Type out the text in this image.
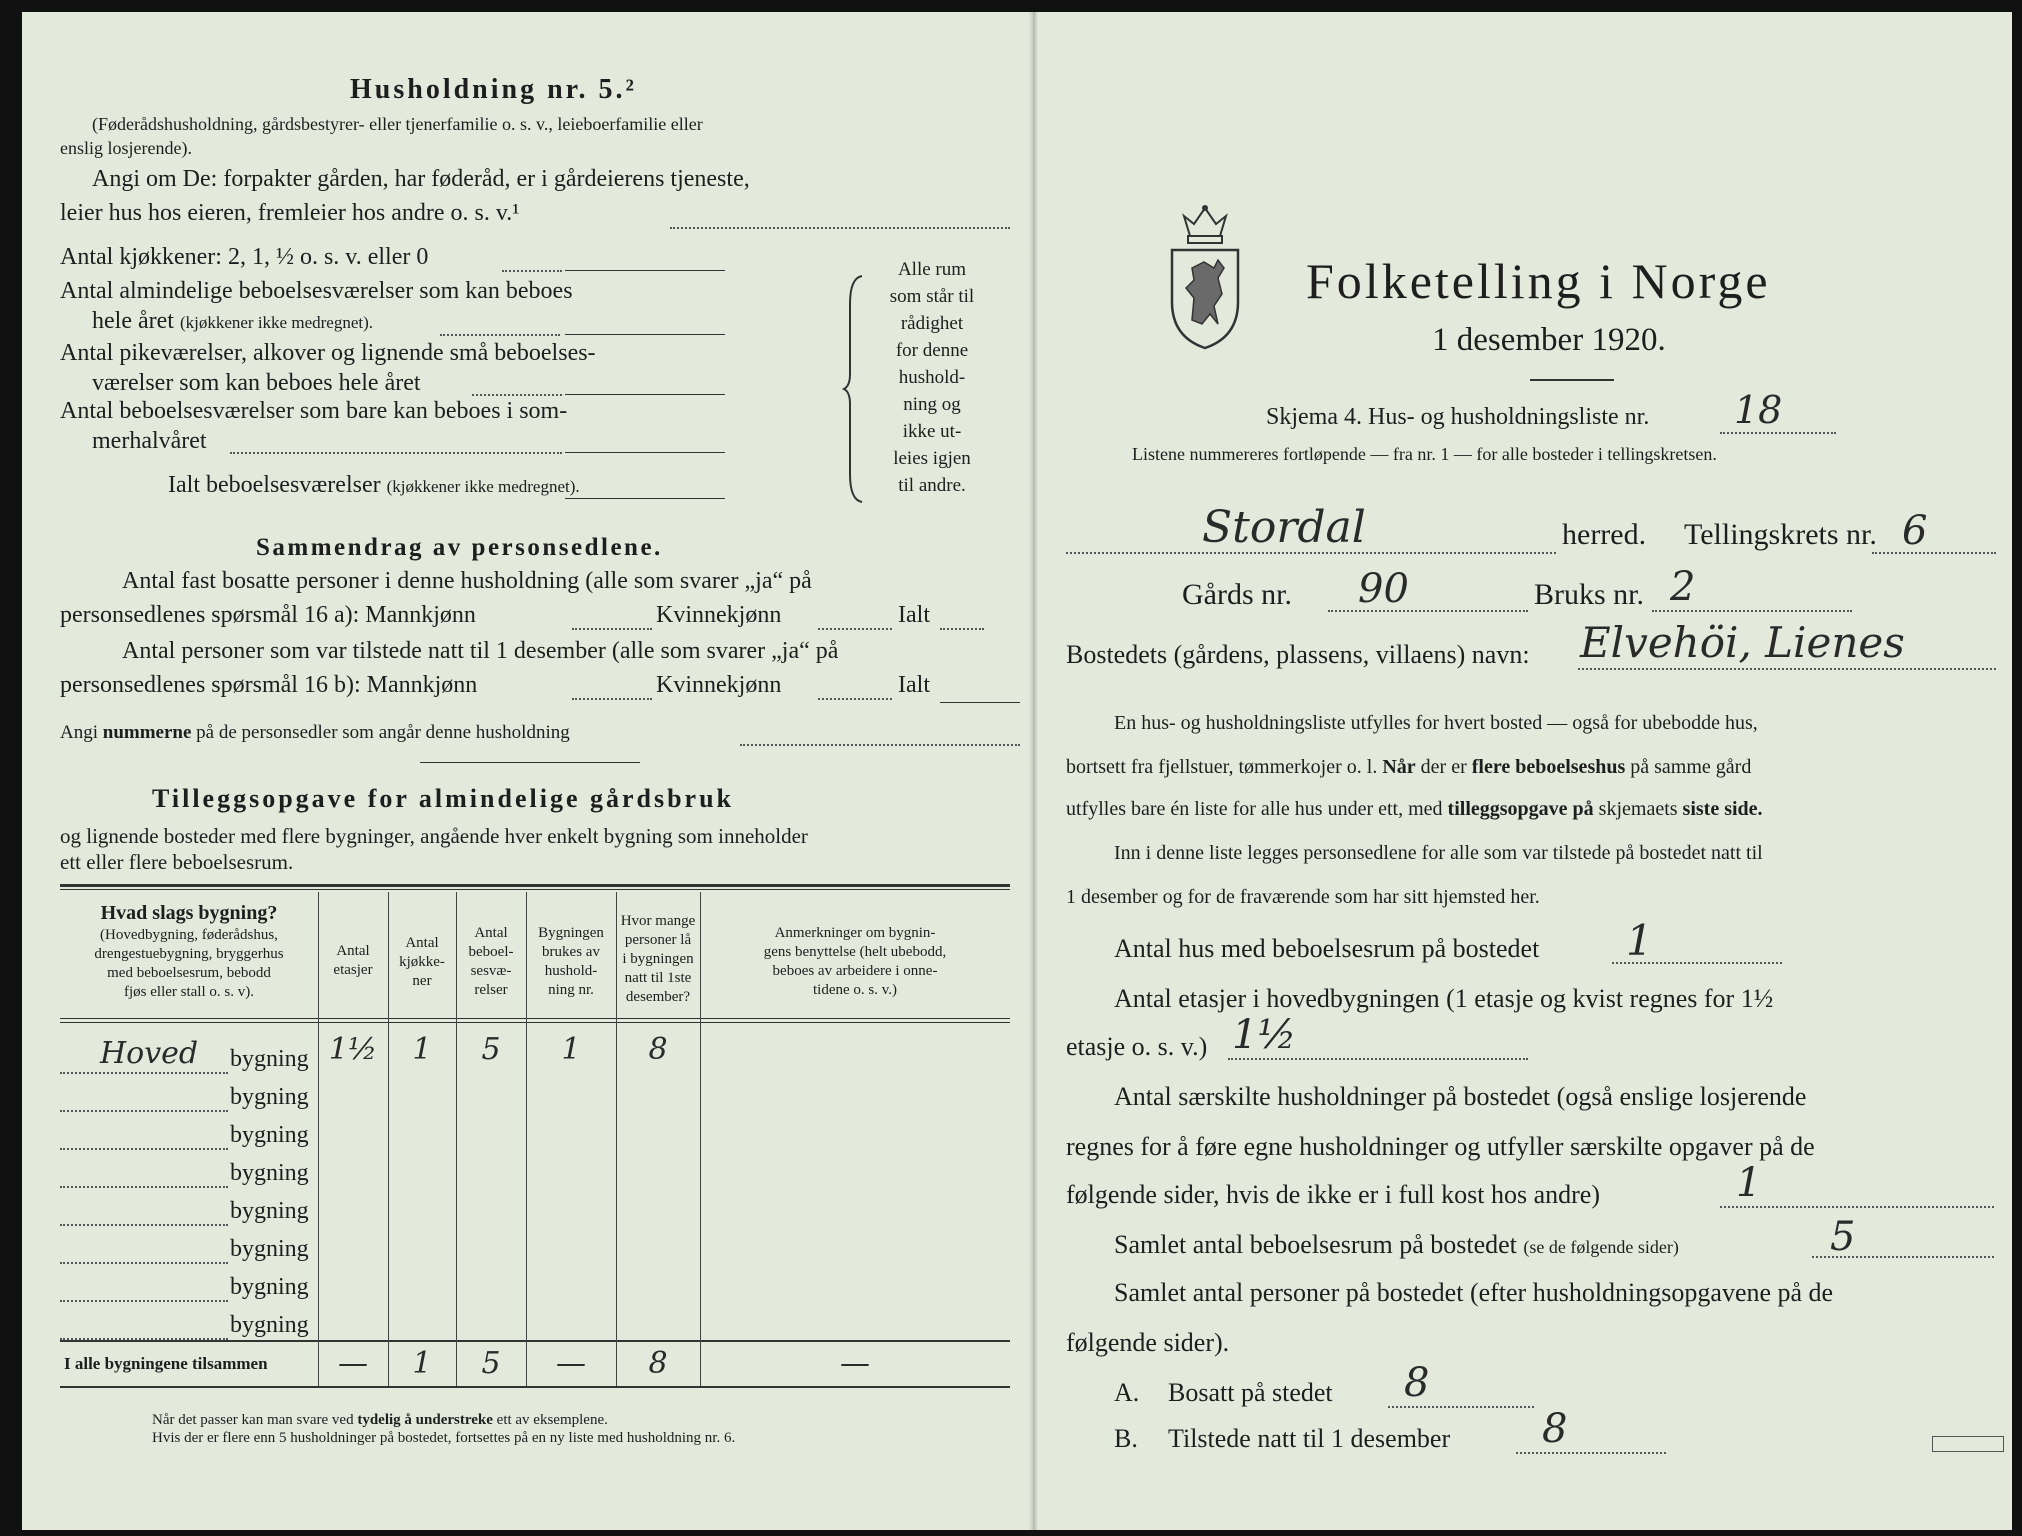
Husholdning nr. 5.²
(Føderådshusholdning, gårdsbestyrer- eller tjenerfamilie o. s. v., leieboerfamilie eller
enslig losjerende).
Angi om De: forpakter gården, har føderåd, er i gårdeierens tjeneste,
leier hus hos eieren, fremleier hos andre o. s. v.¹
Antal kjøkkener: 2, 1, ½ o. s. v. eller 0
Antal almindelige beboelsesværelser som kan beboes
hele året (kjøkkener ikke medregnet).
Antal pikeværelser, alkover og lignende små beboelses-
værelser som kan beboes hele året
Antal beboelsesværelser som bare kan beboes i som-
merhalvåret
Ialt beboelsesværelser (kjøkkener ikke medregnet).
Alle rum
som står til
rådighet
for denne
hushold-
ning og
ikke ut-
leies igjen
til andre.
Sammendrag av personsedlene.
Antal fast bosatte personer i denne husholdning (alle som svarer „ja“ på
personsedlenes spørsmål 16 a): Mannkjønn	Kvinnekjønn	Ialt
Antal personer som var tilstede natt til 1 desember (alle som svarer „ja“ på
personsedlenes spørsmål 16 b): Mannkjønn	Kvinnekjønn	Ialt
Angi nummerne på de personsedler som angår denne husholdning
Tilleggsopgave for almindelige gårdsbruk
og lignende bosteder med flere bygninger, angående hver enkelt bygning som inneholder
ett eller flere beboelsesrum.
Hvad slags bygning?
(Hovedbygning, føderådshus,
drengestuebygning, bryggerhus
med beboelsesrum, bebodd
fjøs eller stall o. s. v).
Antal
etasjer
Antal
kjøkke-
ner
Antal
beboel-
sesvæ-
relser
Bygningen
brukes av
hushold-
ning nr.
Hvor mange
personer lå
i bygningen
natt til 1ste
desember?
Anmerkninger om bygnin-
gens benyttelse (helt ubebodd,
beboes av arbeidere i onne-
tidene o. s. v.)
Hoved bygning 1½	1	5	1	8
bygning
bygning
bygning
bygning
bygning
bygning
bygning
I alle bygningene tilsammen	—	1	5	—	8	—
Når det passer kan man svare ved tydelig å understreke ett av eksemplene.
Hvis der er flere enn 5 husholdninger på bostedet, fortsettes på en ny liste med husholdning nr. 6.
Folketelling i Norge
1 desember 1920.
Skjema 4. Hus- og husholdningsliste nr. 18
Listene nummereres fortløpende — fra nr. 1 — for alle bosteder i tellingskretsen.
Stordal	herred. Tellingskrets nr. 6
Gårds nr. 90	Bruks nr. 2
Bostedets (gårdens, plassens, villaens) navn: Elvehöi, Lienes
En hus- og husholdningsliste utfylles for hvert bosted — også for ubebodde hus,
bortsett fra fjellstuer, tømmerkojer o. l. Når der er flere beboelseshus på samme gård
utfylles bare én liste for alle hus under ett, med tilleggsopgave på skjemaets siste side.
Inn i denne liste legges personsedlene for alle som var tilstede på bostedet natt til
1 desember og for de fraværende som har sitt hjemsted her.
Antal hus med beboelsesrum på bostedet 1
Antal etasjer i hovedbygningen (1 etasje og kvist regnes for 1½
etasje o. s. v.) 1½
Antal særskilte husholdninger på bostedet (også enslige losjerende
regnes for å føre egne husholdninger og utfyller særskilte opgaver på de
følgende sider, hvis de ikke er i full kost hos andre)	1
Samlet antal beboelsesrum på bostedet (se de følgende sider)	5
Samlet antal personer på bostedet (efter husholdningsopgavene på de
følgende sider).
A. Bosatt på stedet 8
B. Tilstede natt til 1 desember 8
